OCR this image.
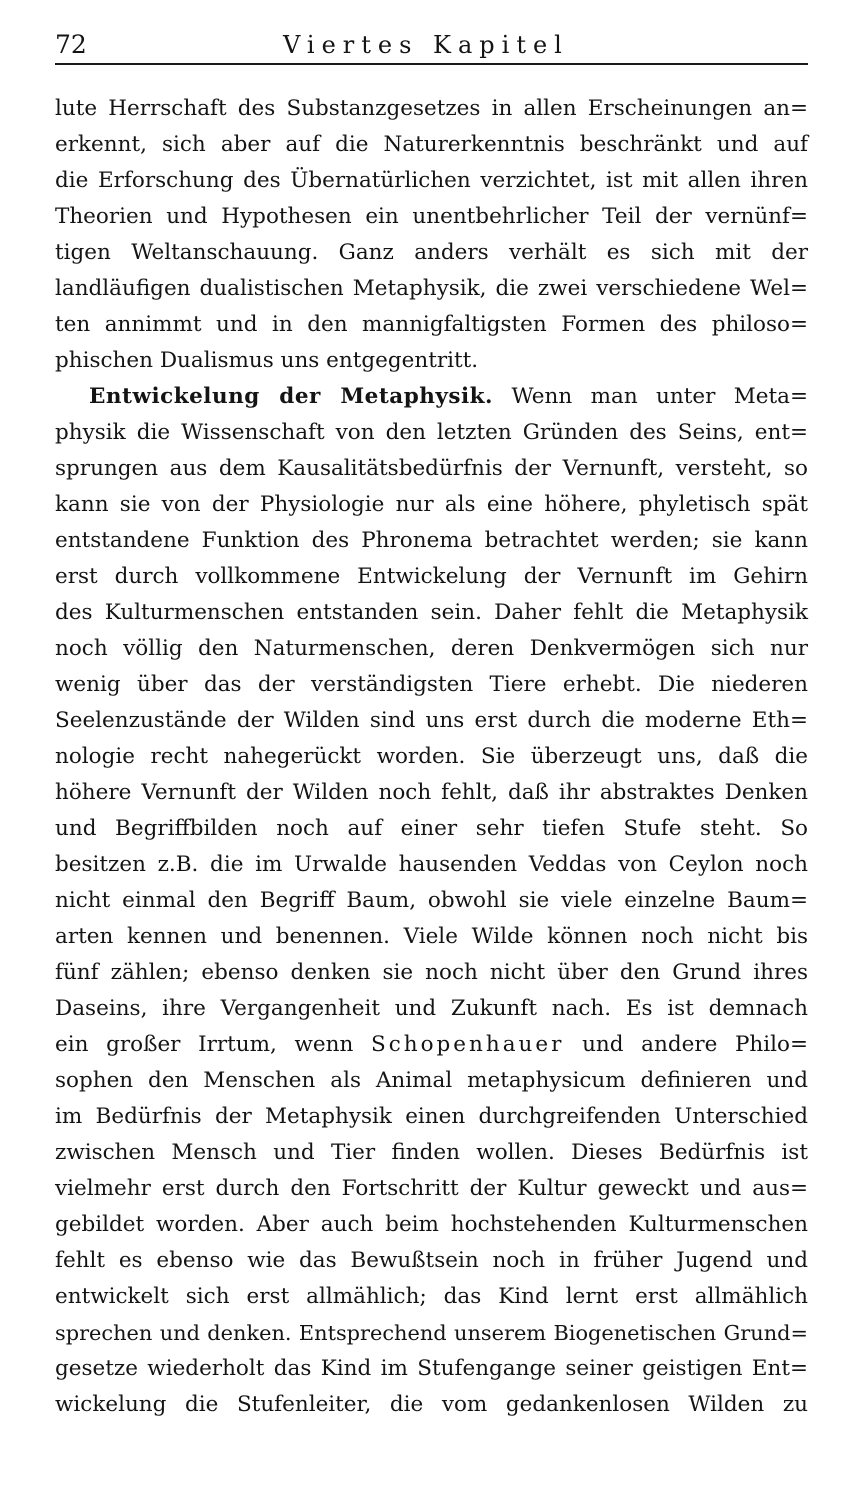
72	Viertes Kapitel
lute Herrschaft des Substanzgesetzes in allen Erscheinungen an=
erkennt, sich aber auf die Naturerkenntnis beschränkt und auf
die Erforschung des Übernatürlichen verzichtet, ist mit allen ihren
Theorien und Hypothesen ein unentbehrlicher Teil der vernünf=
tigen Weltanschauung. Ganz anders verhält es sich mit der
landläufigen dualistischen Metaphysik, die zwei verschiedene Wel=
ten annimmt und in den mannigfaltigsten Formen des philoso=
phischen Dualismus uns entgegentritt.
Entwickelung der Metaphysik. Wenn man unter Meta=
physik die Wissenschaft von den letzten Gründen des Seins, ent=
sprungen aus dem Kausalitätsbedürfnis der Vernunft, versteht, so
kann sie von der Physiologie nur als eine höhere, phyletisch spät
entstandene Funktion des Phronema betrachtet werden; sie kann
erst durch vollkommene Entwickelung der Vernunft im Gehirn
des Kulturmenschen entstanden sein. Daher fehlt die Metaphysik
noch völlig den Naturmenschen, deren Denkvermögen sich nur
wenig über das der verständigsten Tiere erhebt. Die niederen
Seelenzustände der Wilden sind uns erst durch die moderne Eth=
nologie recht nahegerückt worden. Sie überzeugt uns, daß die
höhere Vernunft der Wilden noch fehlt, daß ihr abstraktes Denken
und Begriffbilden noch auf einer sehr tiefen Stufe steht. So
besitzen z.B. die im Urwalde hausenden Veddas von Ceylon noch
nicht einmal den Begriff Baum, obwohl sie viele einzelne Baum=
arten kennen und benennen. Viele Wilde können noch nicht bis
fünf zählen; ebenso denken sie noch nicht über den Grund ihres
Daseins, ihre Vergangenheit und Zukunft nach. Es ist demnach
ein großer Irrtum, wenn Schopenhauer und andere Philo=
sophen den Menschen als Animal metaphysicum definieren und
im Bedürfnis der Metaphysik einen durchgreifenden Unterschied
zwischen Mensch und Tier finden wollen. Dieses Bedürfnis ist
vielmehr erst durch den Fortschritt der Kultur geweckt und aus=
gebildet worden. Aber auch beim hochstehenden Kulturmenschen
fehlt es ebenso wie das Bewußtsein noch in früher Jugend und
entwickelt sich erst allmählich; das Kind lernt erst allmählich
sprechen und denken. Entsprechend unserem Biogenetischen Grund=
gesetze wiederholt das Kind im Stufengange seiner geistigen Ent=
wickelung die Stufenleiter, die vom gedankenlosen Wilden zu
